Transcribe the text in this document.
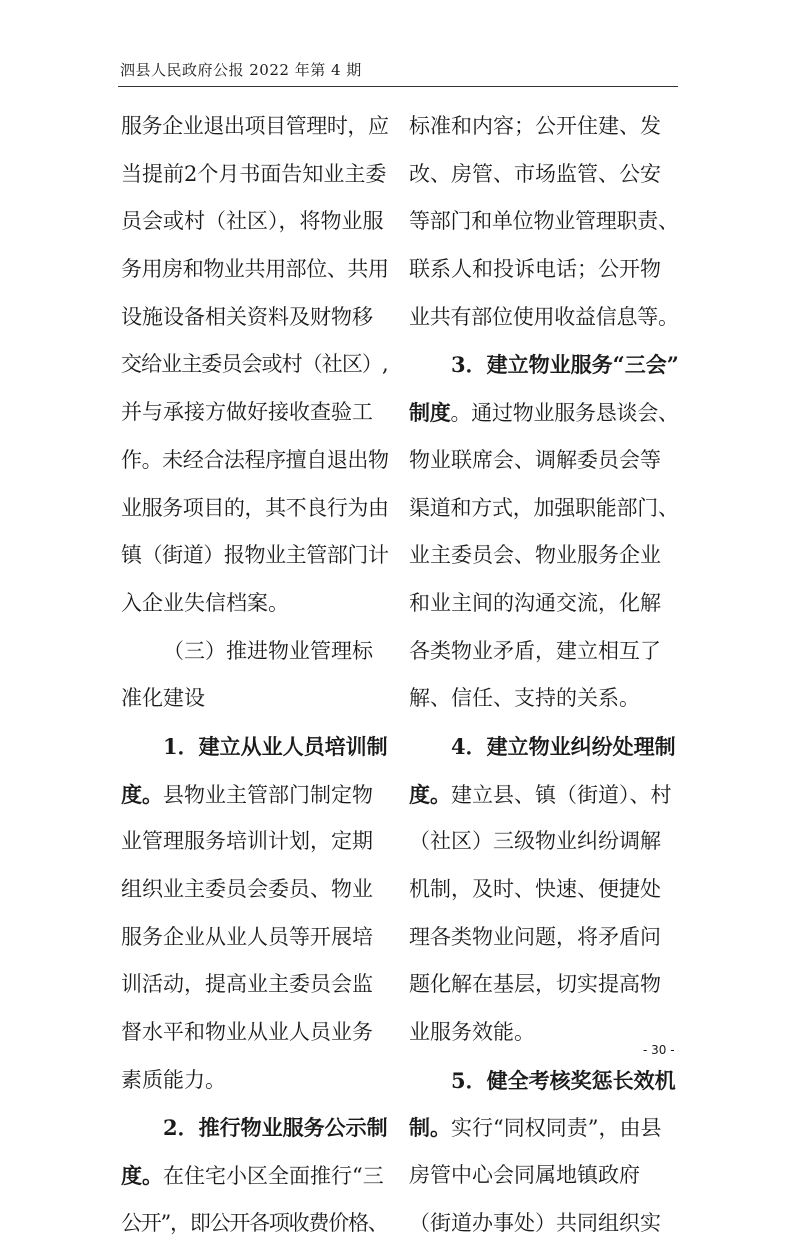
泗县人民政府公报 2022 年第 4 期
服务企业退出项目管理时，应
当提前2个月书面告知业主委
员会或村（社区），将物业服
务用房和物业共用部位、共用
设施设备相关资料及财物移
交给业主委员会或村（社区）,
并与承接方做好接收查验工
作。未经合法程序擅自退出物
业服务项目的，其不良行为由
镇（街道）报物业主管部门计
入企业失信档案。
（三）推进物业管理标
准化建设
1．建立从业人员培训制
度。县物业主管部门制定物
业管理服务培训计划，定期
组织业主委员会委员、物业
服务企业从业人员等开展培
训活动，提高业主委员会监
督水平和物业从业人员业务
素质能力。
2．推行物业服务公示制
度。在住宅小区全面推行“三
公开”，即公开各项收费价格、
标准和内容；公开住建、发
改、房管、市场监管、公安
等部门和单位物业管理职责、
联系人和投诉电话；公开物
业共有部位使用收益信息等。
3．建立物业服务“三会”
制度。通过物业服务恳谈会、
物业联席会、调解委员会等
渠道和方式，加强职能部门、
业主委员会、物业服务企业
和业主间的沟通交流，化解
各类物业矛盾，建立相互了
解、信任、支持的关系。
4．建立物业纠纷处理制
度。建立县、镇（街道）、村
（社区）三级物业纠纷调解
机制，及时、快速、便捷处
理各类物业问题，将矛盾问
题化解在基层，切实提高物
业服务效能。
5．健全考核奖惩长效机
制。实行“同权同责”，由县
房管中心会同属地镇政府
（街道办事处）共同组织实
- 30 -
